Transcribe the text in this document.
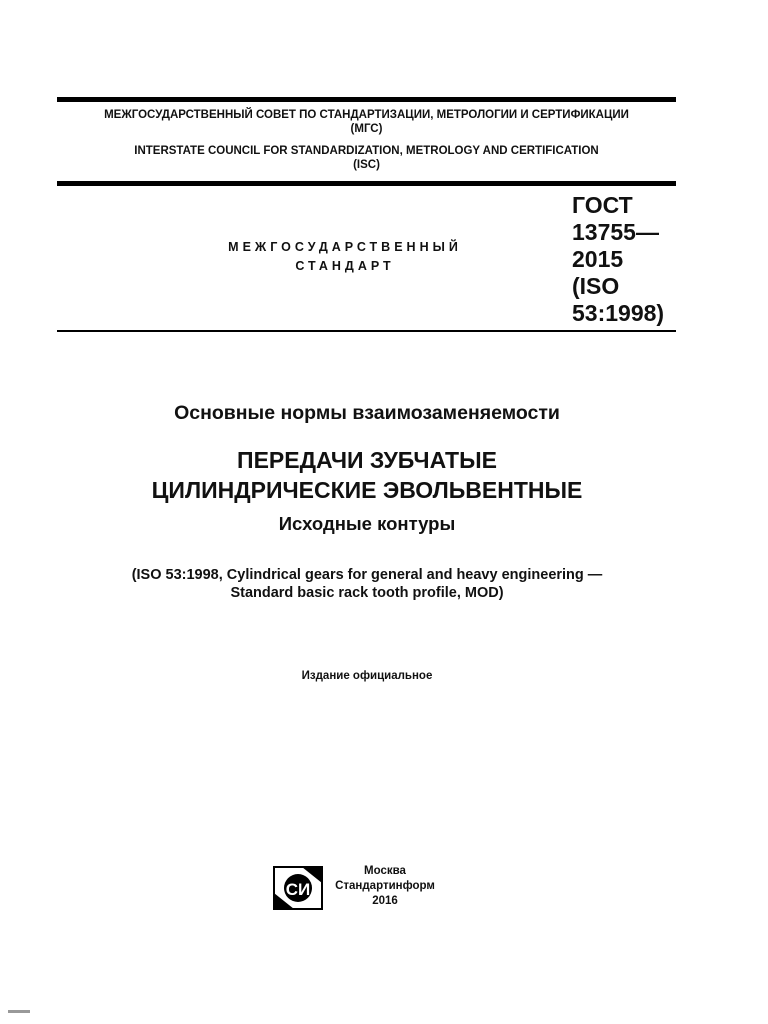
МЕЖГОСУДАРСТВЕННЫЙ СОВЕТ ПО СТАНДАРТИЗАЦИИ, МЕТРОЛОГИИ И СЕРТИФИКАЦИИ
(МГС)
INTERSTATE COUNCIL FOR STANDARDIZATION, METROLOGY AND CERTIFICATION
(ISC)
МЕЖГОСУДАРСТВЕННЫЙ
СТАНДАРТ
ГОСТ
13755—
2015
(ISO
53:1998)
Основные нормы взаимозаменяемости
ПЕРЕДАЧИ ЗУБЧАТЫЕ
ЦИЛИНДРИЧЕСКИЕ ЭВОЛЬВЕНТНЫЕ
Исходные контуры
(ISO 53:1998, Cylindrical gears for general and heavy engineering —
Standard basic rack tooth profile, MOD)
Издание официальное
СИ
Москва
Стандартинформ
2016
